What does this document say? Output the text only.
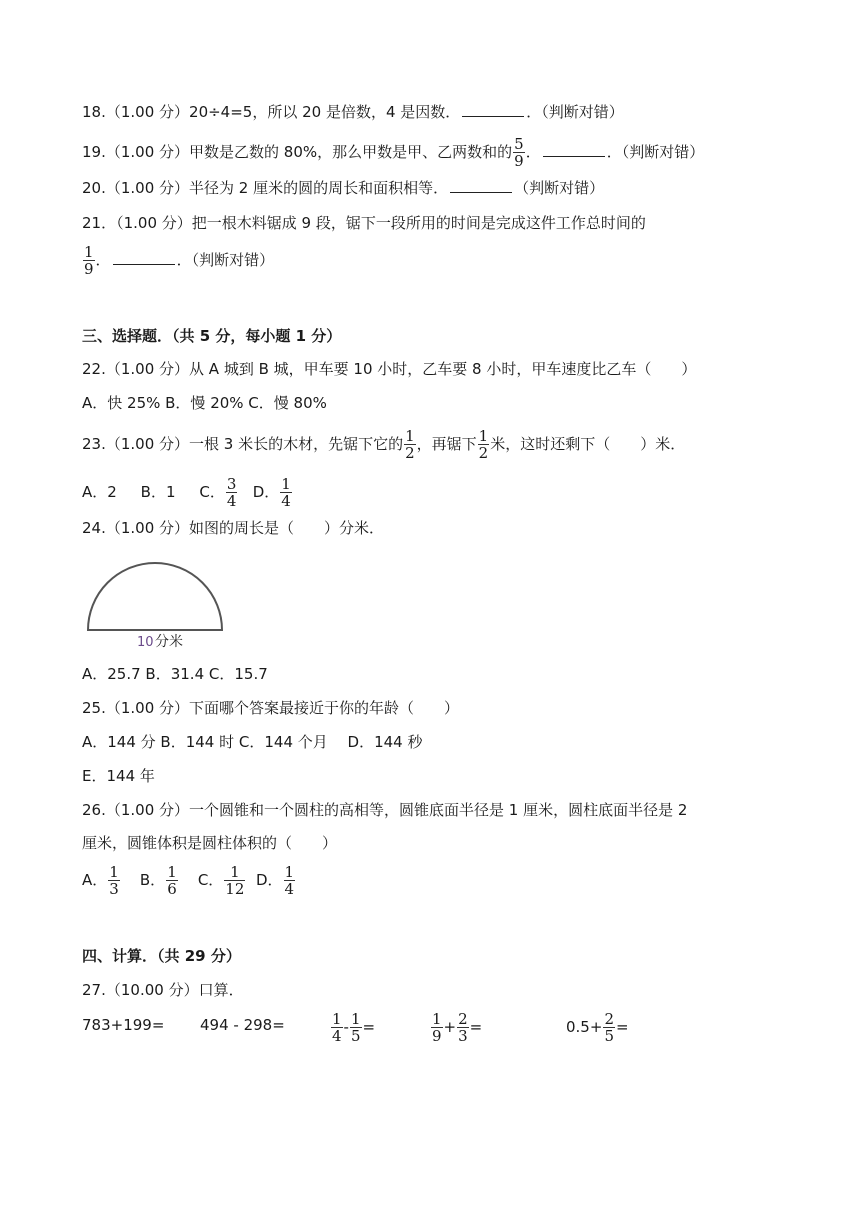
18.（1.00 分）20÷4=5，所以 20 是倍数，4 是因数．	．（判断对错）
19.（1.00 分）甲数是乙数的 80%，那么甲数是甲、乙两数和的 $\frac{5}{9}$ ．	．（判断对错）
20.（1.00 分）半径为 2 厘米的圆的周长和面积相等．	（判断对错）
21．（1.00 分）把一根木料锯成 9 段，锯下一段所用的时间是完成这件工作总时间的
$\frac{1}{9}$ ．	．（判断对错）
三、选择题．（共 5 分，每小题 1 分）
22.（1.00 分）从 A 城到 B 城，甲车要 10 小时，乙车要 8 小时，甲车速度比乙车（　　）
A．快 25% B．慢 20% C．慢 80%
23.（1.00 分）一根 3 米长的木材，先锯下它的 $\frac{1}{2}$ ，再锯下 $\frac{1}{2}$ 米，这时还剩下（　　）米．
A．2 B．1 C． $\frac{3}{4}$ D． $\frac{1}{4}$
24.（1.00 分）如图的周长是（　　）分米．
10 分米
A．25.7 B．31.4 C．15.7
25.（1.00 分）下面哪个答案最接近于你的年龄（　　）
A．144 分 B．144 时 C．144 个月　 D．144 秒
E．144 年
26.（1.00 分）一个圆锥和一个圆柱的高相等，圆锥底面半径是 1 厘米，圆柱底面半径是 2
厘米，圆锥体积是圆柱体积的（　　）
A． $\frac{1}{3}$ B． $\frac{1}{6}$ C． $\frac{1}{12}$ D． $\frac{1}{4}$
四、计算．（共 29 分）
27.（10.00 分）口算．
783+199= 494 - 298=	$\frac{1}{4} - \frac{1}{5}$ =	$\frac{1}{9} + \frac{2}{3}$ =	$0.5+ \frac{2}{5}$ =
